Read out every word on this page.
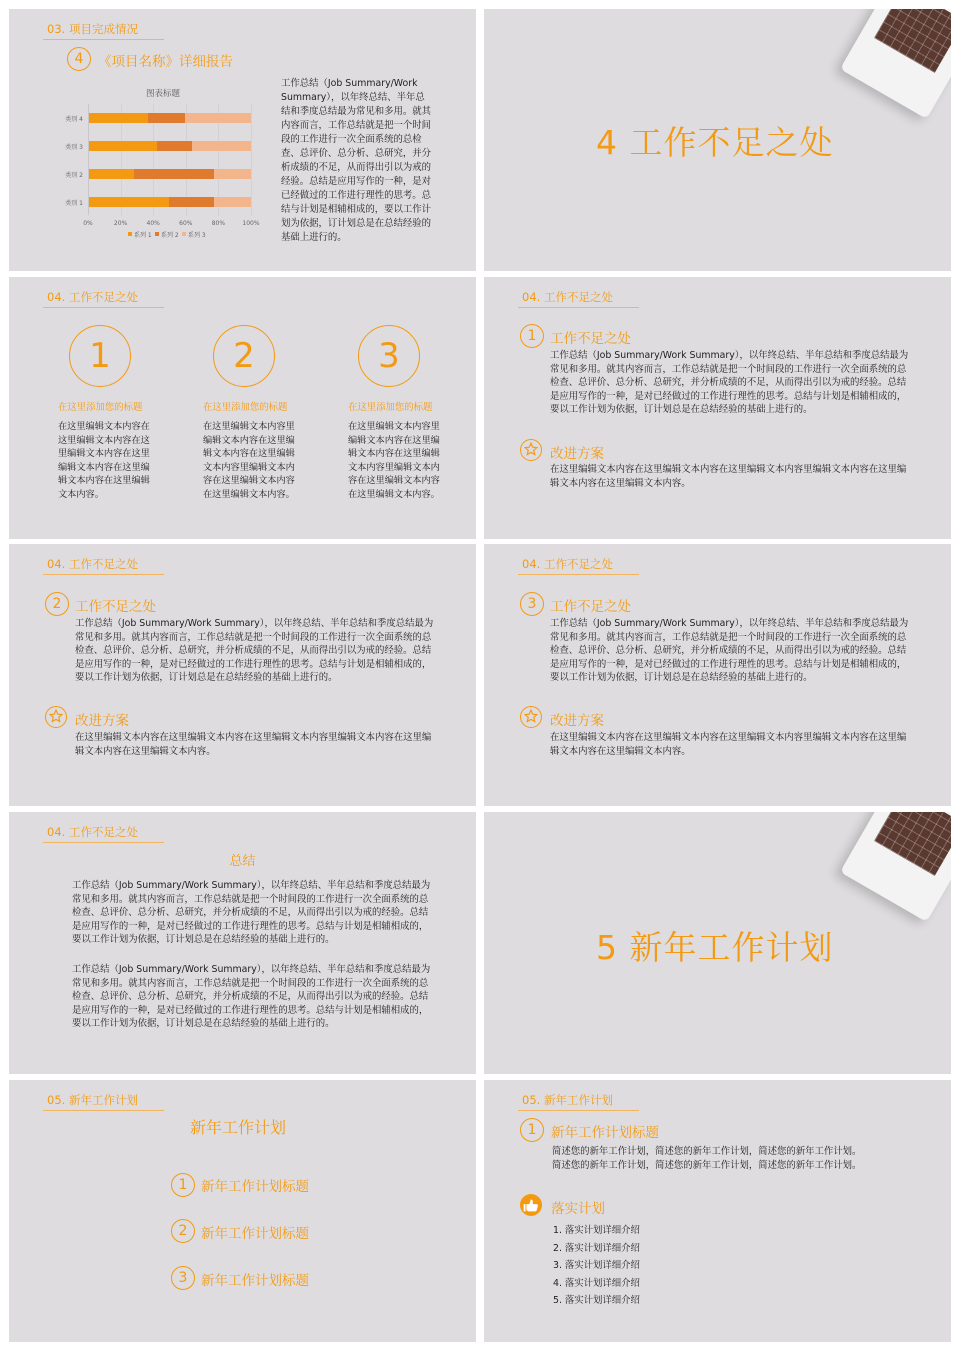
03. 项目完成情况
4	《项目名称》详细报告
图表标题
0%	20%	40%	60%	80%	100%
类别 1
类别 2
类别 3
类别 4
系列 1 系列 2 系列 3
工作总结（Job Summary/Work Summary），以年终总结、半年总结和季度总结最为常见和多用。就其内容而言，工作总结就是把一个时间段的工作进行一次全面系统的总检查、总评价、总分析、总研究，并分析成绩的不足，从而得出引以为戒的经验。总结是应用写作的一种，是对已经做过的工作进行理性的思考。总结与计划是相辅相成的，要以工作计划为依据，订计划总是在总结经验的基础上进行的。
4 工作不足之处
04. 工作不足之处
1
在这里添加您的标题
在这里编辑文本内容在这里编辑文本内容在这里编辑文本内容在这里编辑文本内容在这里编辑文本内容在这里编辑文本内容。
2
在这里添加您的标题
在这里编辑文本内容里编辑文本内容在这里编辑文本内容在这里编辑文本内容里编辑文本内容在这里编辑文本内容在这里编辑文本内容。
3
在这里添加您的标题
在这里编辑文本内容里编辑文本内容在这里编辑文本内容在这里编辑文本内容里编辑文本内容在这里编辑文本内容在这里编辑文本内容。
04. 工作不足之处
1	工作不足之处
工作总结（Job Summary/Work Summary），以年终总结、半年总结和季度总结最为常见和多用。就其内容而言，工作总结就是把一个时间段的工作进行一次全面系统的总检查、总评价、总分析、总研究，并分析成绩的不足，从而得出引以为戒的经验。总结是应用写作的一种，是对已经做过的工作进行理性的思考。总结与计划是相辅相成的，要以工作计划为依据，订计划总是在总结经验的基础上进行的。
改进方案
在这里编辑文本内容在这里编辑文本内容在这里编辑文本内容里编辑文本内容在这里编辑文本内容在这里编辑文本内容。
04. 工作不足之处
2	工作不足之处
工作总结（Job Summary/Work Summary），以年终总结、半年总结和季度总结最为常见和多用。就其内容而言，工作总结就是把一个时间段的工作进行一次全面系统的总检查、总评价、总分析、总研究，并分析成绩的不足，从而得出引以为戒的经验。总结是应用写作的一种，是对已经做过的工作进行理性的思考。总结与计划是相辅相成的，要以工作计划为依据，订计划总是在总结经验的基础上进行的。
改进方案
在这里编辑文本内容在这里编辑文本内容在这里编辑文本内容里编辑文本内容在这里编辑文本内容在这里编辑文本内容。
04. 工作不足之处
3	工作不足之处
工作总结（Job Summary/Work Summary），以年终总结、半年总结和季度总结最为常见和多用。就其内容而言，工作总结就是把一个时间段的工作进行一次全面系统的总检查、总评价、总分析、总研究，并分析成绩的不足，从而得出引以为戒的经验。总结是应用写作的一种，是对已经做过的工作进行理性的思考。总结与计划是相辅相成的，要以工作计划为依据，订计划总是在总结经验的基础上进行的。
改进方案
在这里编辑文本内容在这里编辑文本内容在这里编辑文本内容里编辑文本内容在这里编辑文本内容在这里编辑文本内容。
04. 工作不足之处
总结
工作总结（Job Summary/Work Summary），以年终总结、半年总结和季度总结最为常见和多用。就其内容而言，工作总结就是把一个时间段的工作进行一次全面系统的总检查、总评价、总分析、总研究，并分析成绩的不足，从而得出引以为戒的经验。总结是应用写作的一种，是对已经做过的工作进行理性的思考。总结与计划是相辅相成的，要以工作计划为依据，订计划总是在总结经验的基础上进行的。
工作总结（Job Summary/Work Summary），以年终总结、半年总结和季度总结最为常见和多用。就其内容而言，工作总结就是把一个时间段的工作进行一次全面系统的总检查、总评价、总分析、总研究，并分析成绩的不足，从而得出引以为戒的经验。总结是应用写作的一种，是对已经做过的工作进行理性的思考。总结与计划是相辅相成的，要以工作计划为依据，订计划总是在总结经验的基础上进行的。
5 新年工作计划
05. 新年工作计划
新年工作计划
1	新年工作计划标题
2	新年工作计划标题
3	新年工作计划标题
05. 新年工作计划
1	新年工作计划标题
简述您的新年工作计划，简述您的新年工作计划，简述您的新年工作计划。
简述您的新年工作计划，简述您的新年工作计划，简述您的新年工作计划。
落实计划
1. 落实计划详细介绍
2. 落实计划详细介绍
3. 落实计划详细介绍
4. 落实计划详细介绍
5. 落实计划详细介绍
